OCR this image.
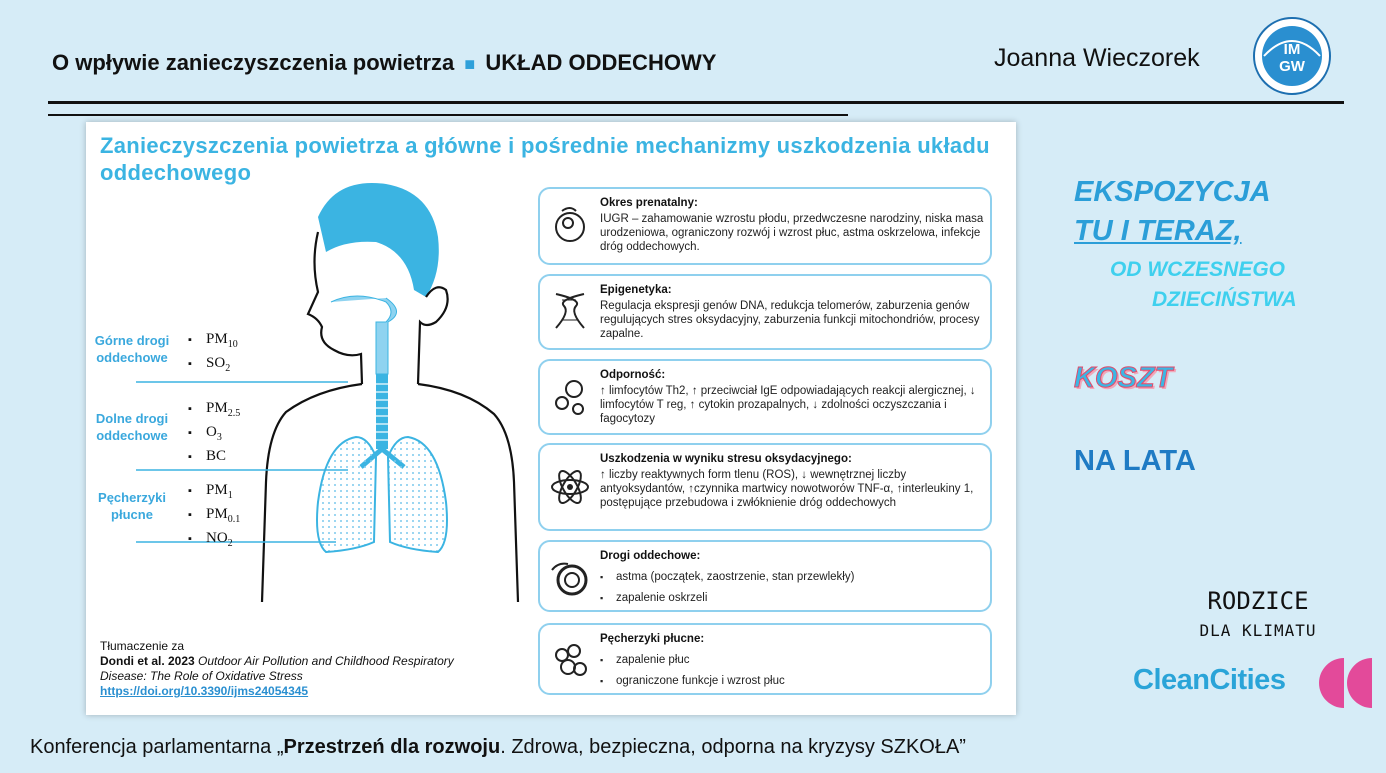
O wpływie zanieczyszczenia powietrza ■ UKŁAD ODDECHOWY	Joanna Wieczorek	IM
GW
Zanieczyszczenia powietrza a główne i pośrednie mechanizmy uszkodzenia układu oddechowego
Górne drogi
oddechowe
▪ $PM_{10}$
▪ $SO_2$
Dolne drogi
oddechowe
▪ $PM_{2.5}$
▪ $O_3$
▪ BC
Pęcherzyki
płucne
▪ $PM_1$
▪ $PM_{0.1}$
▪ $NO_2$
Okres prenatalny:
IUGR – zahamowanie wzrostu płodu, przedwczesne narodziny, niska masa urodzeniowa, ograniczony rozwój i wzrost płuc, astma oskrzelowa, infekcje dróg oddechowych.
Epigenetyka:
Regulacja ekspresji genów DNA, redukcja telomerów, zaburzenia genów regulujących stres oksydacyjny, zaburzenia funkcji mitochondriów, procesy zapalne.
Odporność:
↑ limfocytów Th2, ↑ przeciwciał IgE odpowiadających reakcji alergicznej, ↓ limfocytów T reg, ↑ cytokin prozapalnych, ↓ zdolności oczyszczania i fagocytozy
Uszkodzenia w wyniku stresu oksydacyjnego:
↑ liczby reaktywnych form tlenu (ROS), ↓ wewnętrznej liczby antyoksydantów, ↑czynnika martwicy nowotworów TNF-α, ↑interleukiny 1, postępujące przebudowa i zwłóknienie dróg oddechowych
Drogi oddechowe:
▪ astma (początek, zaostrzenie, stan przewlekły)
▪ zapalenie oskrzeli
Pęcherzyki płucne:
▪ zapalenie płuc
▪ ograniczone funkcje i wzrost płuc
Tłumaczenie za
Dondi et al. 2023 Outdoor Air Pollution and Childhood Respiratory
Disease: The Role of Oxidative Stress
https://doi.org/10.3390/ijms24054345
EKSPOZYCJA
TU I TERAZ,
OD WCZESNEGO
DZIECIŃSTWA
KOSZT
NA LATA
RODZICE
DLA KLIMATU
CleanCities
Konferencja parlamentarna „Przestrzeń dla rozwoju. Zdrowa, bezpieczna, odporna na kryzysy SZKOŁA”
